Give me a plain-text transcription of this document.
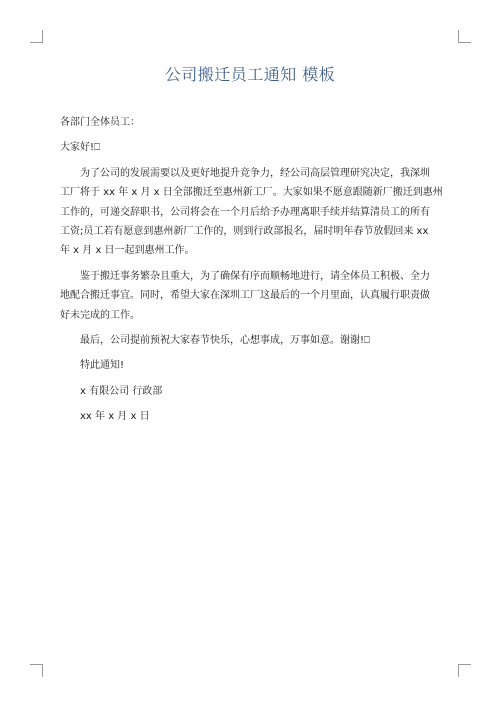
公司搬迁员工通知 模板
各部门全体员工：
大家好!⎕
为了公司的发展需要以及更好地提升竞争力，经公司高层管理研究决定，我深圳
工厂将于 xx 年 x 月 x 日全部搬迁至惠州新工厂。大家如果不愿意跟随新厂搬迁到惠州
工作的，可递交辞职书，公司将会在一个月后给予办理离职手续并结算清员工的所有
工资;员工若有愿意到惠州新厂工作的，则到行政部报名，届时明年春节放假回来 xx
年 x 月 x 日一起到惠州工作。
鉴于搬迁事务繁杂且重大，为了确保有序而顺畅地进行，请全体员工积极、全力
地配合搬迁事宜。同时，希望大家在深圳工厂这最后的一个月里面，认真履行职责做
好未完成的工作。
最后，公司提前预祝大家春节快乐，心想事成，万事如意。谢谢!⎕
特此通知!
x 有限公司 行政部
xx 年 x 月 x 日
